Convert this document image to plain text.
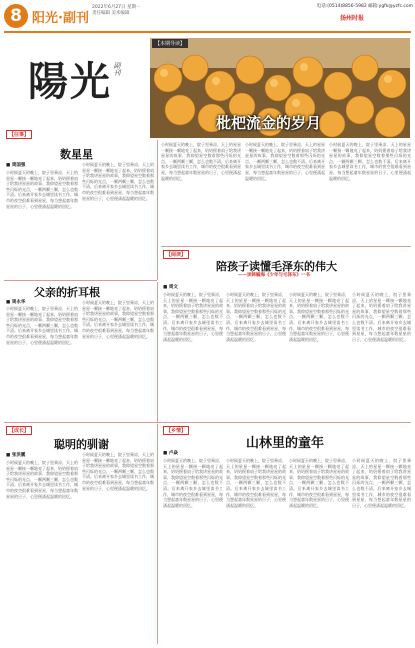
8 阳光·副刊
2022年6月27日 星期一
责任编辑 美术编辑
电话:(0514)8856-5982 邮箱:ygfk@yzfc.com
扬州时报
陽光 副刊
【本期导读】
枇杷流金的岁月
【往事】
数星星
■ 周国强
小时候夏天的晚上，院子里乘凉，天上的星星一颗接一颗地亮了起来，奶奶摇着扇子给我讲星星的故事，我仰望星空数着那些闪烁的光点，一颗两颗三颗，怎么也数不清。后来离开家乡去城里读书工作，城市的夜空很难看到星星，每当想起童年数星星的日子，心里便涌起温暖的回忆。
小时候夏天的晚上，院子里乘凉，天上的星星一颗接一颗地亮了起来，奶奶摇着扇子给我讲星星的故事，我仰望星空数着那些闪烁的光点，一颗两颗三颗，怎么也数不清。后来离开家乡去城里读书工作，城市的夜空很难看到星星，每当想起童年数星星的日子，心里便涌起温暖的回忆。
小时候夏天的晚上，院子里乘凉，天上的星星一颗接一颗地亮了起来，奶奶摇着扇子给我讲星星的故事，我仰望星空数着那些闪烁的光点，一颗两颗三颗，怎么也数不清。后来离开家乡去城里读书工作，城市的夜空很难看到星星，每当想起童年数星星的日子，心里便涌起温暖的回忆。
小时候夏天的晚上，院子里乘凉，天上的星星一颗接一颗地亮了起来，奶奶摇着扇子给我讲星星的故事，我仰望星空数着那些闪烁的光点，一颗两颗三颗，怎么也数不清。后来离开家乡去城里读书工作，城市的夜空很难看到星星，每当想起童年数星星的日子，心里便涌起温暖的回忆。
小时候夏天的晚上，院子里乘凉，天上的星星一颗接一颗地亮了起来，奶奶摇着扇子给我讲星星的故事，我仰望星空数着那些闪烁的光点，一颗两颗三颗，怎么也数不清。后来离开家乡去城里读书工作，城市的夜空很难看到星星，每当想起童年数星星的日子，心里便涌起温暖的回忆。
父亲的折耳根
■ 周永华
小时候夏天的晚上，院子里乘凉，天上的星星一颗接一颗地亮了起来，奶奶摇着扇子给我讲星星的故事，我仰望星空数着那些闪烁的光点，一颗两颗三颗，怎么也数不清。后来离开家乡去城里读书工作，城市的夜空很难看到星星，每当想起童年数星星的日子，心里便涌起温暖的回忆。
小时候夏天的晚上，院子里乘凉，天上的星星一颗接一颗地亮了起来，奶奶摇着扇子给我讲星星的故事，我仰望星空数着那些闪烁的光点，一颗两颗三颗，怎么也数不清。后来离开家乡去城里读书工作，城市的夜空很难看到星星，每当想起童年数星星的日子，心里便涌起温暖的回忆。
【阅读】
陪孩子读懂毛泽东的伟大
——读韩毓海《少年与毛泽东》一书
■ 周文
小时候夏天的晚上，院子里乘凉，天上的星星一颗接一颗地亮了起来，奶奶摇着扇子给我讲星星的故事，我仰望星空数着那些闪烁的光点，一颗两颗三颗，怎么也数不清。后来离开家乡去城里读书工作，城市的夜空很难看到星星，每当想起童年数星星的日子，心里便涌起温暖的回忆。
小时候夏天的晚上，院子里乘凉，天上的星星一颗接一颗地亮了起来，奶奶摇着扇子给我讲星星的故事，我仰望星空数着那些闪烁的光点，一颗两颗三颗，怎么也数不清。后来离开家乡去城里读书工作，城市的夜空很难看到星星，每当想起童年数星星的日子，心里便涌起温暖的回忆。
小时候夏天的晚上，院子里乘凉，天上的星星一颗接一颗地亮了起来，奶奶摇着扇子给我讲星星的故事，我仰望星空数着那些闪烁的光点，一颗两颗三颗，怎么也数不清。后来离开家乡去城里读书工作，城市的夜空很难看到星星，每当想起童年数星星的日子，心里便涌起温暖的回忆。
小时候夏天的晚上，院子里乘凉，天上的星星一颗接一颗地亮了起来，奶奶摇着扇子给我讲星星的故事，我仰望星空数着那些闪烁的光点，一颗两颗三颗，怎么也数不清。后来离开家乡去城里读书工作，城市的夜空很难看到星星，每当想起童年数星星的日子，心里便涌起温暖的回忆。
【成长】
聪明的驯谢
■ 张洪鹏
小时候夏天的晚上，院子里乘凉，天上的星星一颗接一颗地亮了起来，奶奶摇着扇子给我讲星星的故事，我仰望星空数着那些闪烁的光点，一颗两颗三颗，怎么也数不清。后来离开家乡去城里读书工作，城市的夜空很难看到星星，每当想起童年数星星的日子，心里便涌起温暖的回忆。
小时候夏天的晚上，院子里乘凉，天上的星星一颗接一颗地亮了起来，奶奶摇着扇子给我讲星星的故事，我仰望星空数着那些闪烁的光点，一颗两颗三颗，怎么也数不清。后来离开家乡去城里读书工作，城市的夜空很难看到星星，每当想起童年数星星的日子，心里便涌起温暖的回忆。
【乡情】
山林里的童年
■ 卢焱
小时候夏天的晚上，院子里乘凉，天上的星星一颗接一颗地亮了起来，奶奶摇着扇子给我讲星星的故事，我仰望星空数着那些闪烁的光点，一颗两颗三颗，怎么也数不清。后来离开家乡去城里读书工作，城市的夜空很难看到星星，每当想起童年数星星的日子，心里便涌起温暖的回忆。
小时候夏天的晚上，院子里乘凉，天上的星星一颗接一颗地亮了起来，奶奶摇着扇子给我讲星星的故事，我仰望星空数着那些闪烁的光点，一颗两颗三颗，怎么也数不清。后来离开家乡去城里读书工作，城市的夜空很难看到星星，每当想起童年数星星的日子，心里便涌起温暖的回忆。
小时候夏天的晚上，院子里乘凉，天上的星星一颗接一颗地亮了起来，奶奶摇着扇子给我讲星星的故事，我仰望星空数着那些闪烁的光点，一颗两颗三颗，怎么也数不清。后来离开家乡去城里读书工作，城市的夜空很难看到星星，每当想起童年数星星的日子，心里便涌起温暖的回忆。
小时候夏天的晚上，院子里乘凉，天上的星星一颗接一颗地亮了起来，奶奶摇着扇子给我讲星星的故事，我仰望星空数着那些闪烁的光点，一颗两颗三颗，怎么也数不清。后来离开家乡去城里读书工作，城市的夜空很难看到星星，每当想起童年数星星的日子，心里便涌起温暖的回忆。
